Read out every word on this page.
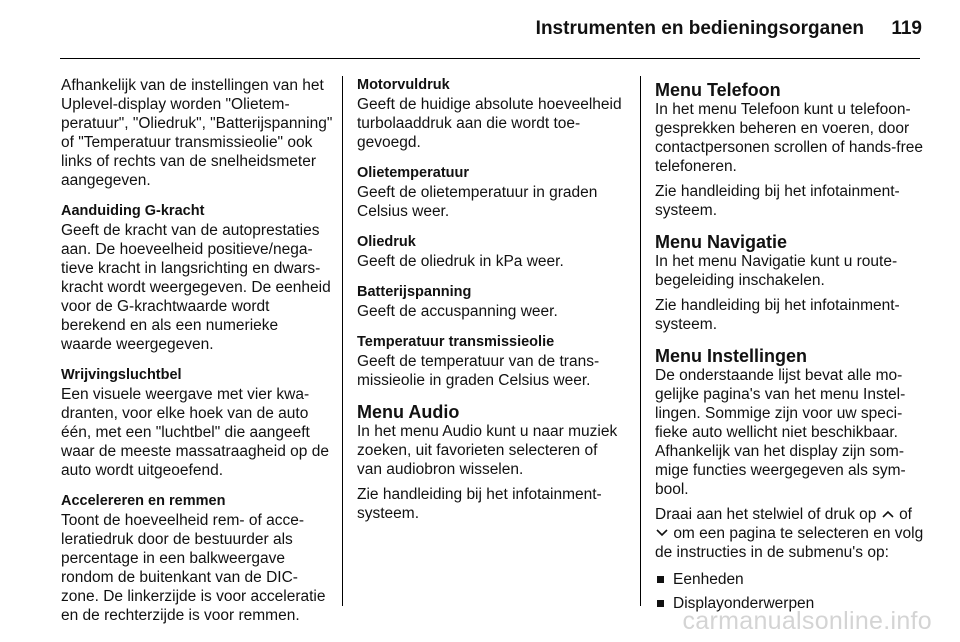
Instrumenten en bedieningsorganen 119

Afhankelijk van de instellingen van het Uplevel-display worden "Olietemperatuur", "Oliedruk", "Batterijspanning" of "Temperatuur transmissieolie" ook links of rechts van de snelheidsmeter aangegeven.

Aanduiding G-kracht
Geeft de kracht van de autoprestaties aan. De hoeveelheid positieve/negatieve kracht in langsrichting en dwarskracht wordt weergegeven. De eenheid voor de G-krachtwaarde wordt berekend en als een numerieke waarde weergegeven.

Wrijvingsluchtbel
Een visuele weergave met vier kwadranten, voor elke hoek van de auto één, met een "luchtbel" die aangeeft waar de meeste massatraagheid op de auto wordt uitgeoefend.

Accelereren en remmen
Toont de hoeveelheid rem- of acceleratiedruk door de bestuurder als percentage in een balkweergave rondom de buitenkant van de DIC-zone. De linkerzijde is voor acceleratie en de rechterzijde is voor remmen.

Motorvuldruk
Geeft de huidige absolute hoeveelheid turbolaaddruk aan die wordt toegevoegd.

Olietemperatuur
Geeft de olietemperatuur in graden Celsius weer.

Oliedruk
Geeft de oliedruk in kPa weer.

Batterijspanning
Geeft de accuspanning weer.

Temperatuur transmissieolie
Geeft de temperatuur van de transmissieolie in graden Celsius weer.

Menu Audio
In het menu Audio kunt u naar muziek zoeken, uit favorieten selecteren of van audiobron wisselen.

Zie handleiding bij het infotainmentsysteem.

Menu Telefoon
In het menu Telefoon kunt u telefoongesprekken beheren en voeren, door contactpersonen scrollen of hands-free telefoneren.

Zie handleiding bij het infotainmentsysteem.

Menu Navigatie
In het menu Navigatie kunt u routebegeleiding inschakelen.

Zie handleiding bij het infotainmentsysteem.

Menu Instellingen
De onderstaande lijst bevat alle mogelijke pagina's van het menu Instellingen. Sommige zijn voor uw specifieke auto wellicht niet beschikbaar. Afhankelijk van het display zijn sommige functies weergegeven als symbool.

Draai aan het stelwiel of druk op of
om een pagina te selecteren en volg de instructies in de submenu's op:

Eenheden
Displayonderwerpen
carmanualsonline.info
